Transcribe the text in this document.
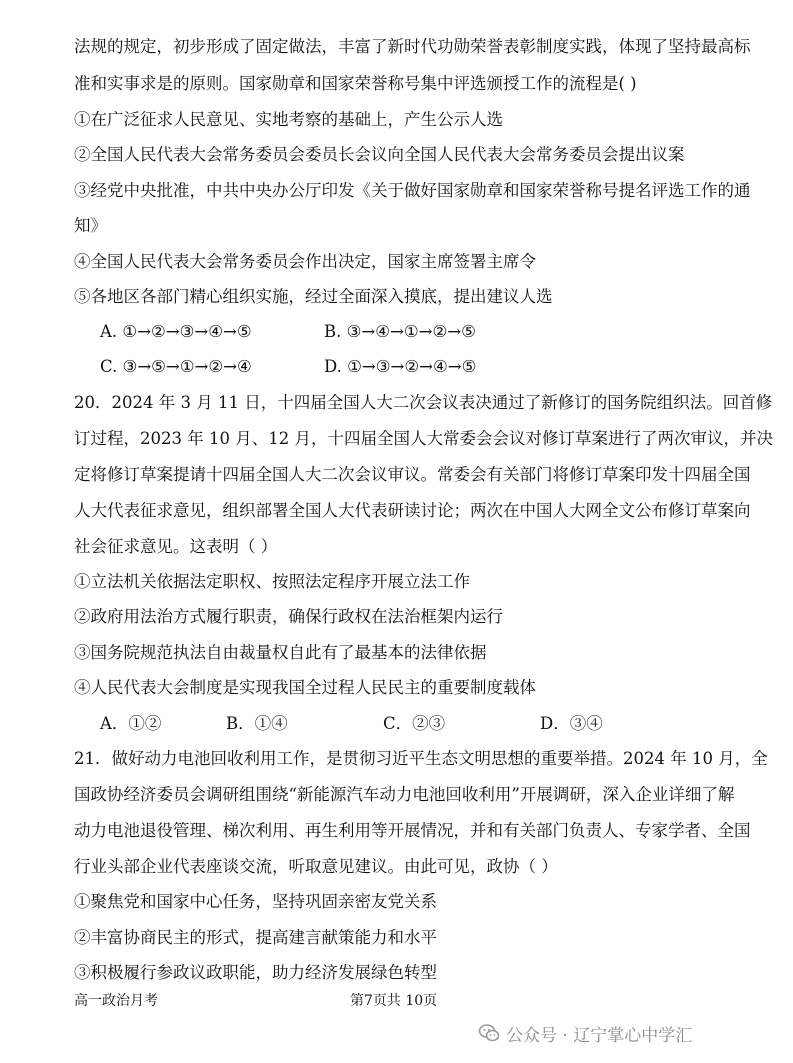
法规的规定，初步形成了固定做法，丰富了新时代功勋荣誉表彰制度实践，体现了坚持最高标
准和实事求是的原则。国家勋章和国家荣誉称号集中评选颁授工作的流程是( )
①在广泛征求人民意见、实地考察的基础上，产生公示人选
②全国人民代表大会常务委员会委员长会议向全国人民代表大会常务委员会提出议案
③经党中央批准，中共中央办公厅印发《关于做好国家勋章和国家荣誉称号提名评选工作的通
知》
④全国人民代表大会常务委员会作出决定，国家主席签署主席令
⑤各地区各部门精心组织实施，经过全面深入摸底，提出建议人选
A. ①→②→③→④→⑤	B. ③→④→①→②→⑤
C. ③→⑤→①→②→④	D. ①→③→②→④→⑤
20．2024 年 3 月 11 日，十四届全国人大二次会议表决通过了新修订的国务院组织法。回首修
订过程，2023 年 10 月、12 月，十四届全国人大常委会会议对修订草案进行了两次审议，并决
定将修订草案提请十四届全国人大二次会议审议。常委会有关部门将修订草案印发十四届全国
人大代表征求意见，组织部署全国人大代表研读讨论；两次在中国人大网全文公布修订草案向
社会征求意见。这表明（ ）
①立法机关依据法定职权、按照法定程序开展立法工作
②政府用法治方式履行职责，确保行政权在法治框架内运行
③国务院规范执法自由裁量权自此有了最基本的法律依据
④人民代表大会制度是实现我国全过程人民民主的重要制度载体
A．①②	B．①④	C．②③	D．③④
21．做好动力电池回收利用工作，是贯彻习近平生态文明思想的重要举措。2024 年 10 月，全
国政协经济委员会调研组围绕“新能源汽车动力电池回收利用”开展调研，深入企业详细了解
动力电池退役管理、梯次利用、再生利用等开展情况，并和有关部门负责人、专家学者、全国
行业头部企业代表座谈交流，听取意见建议。由此可见，政协（ ）
①聚焦党和国家中心任务，坚持巩固亲密友党关系
②丰富协商民主的形式，提高建言献策能力和水平
③积极履行参政议政职能，助力经济发展绿色转型
高一政治月考	第7页共 10页
公众号 · 辽宁掌心中学汇
